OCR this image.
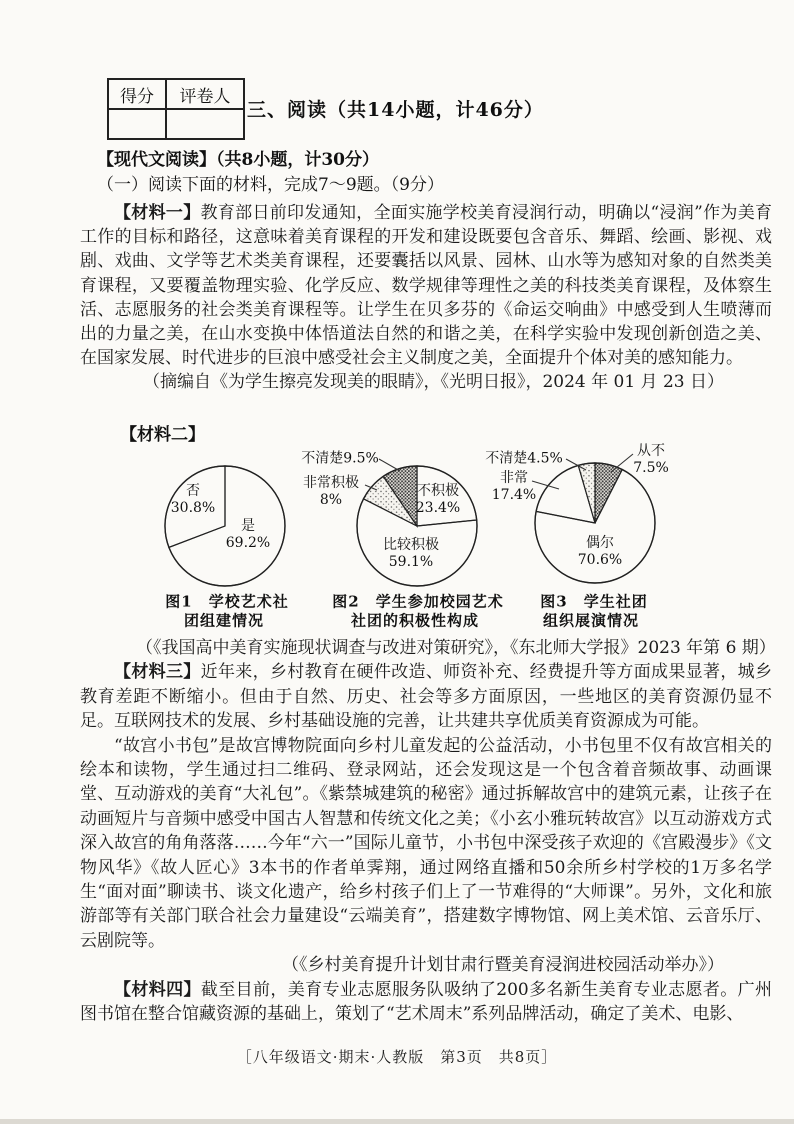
得分	评卷人

三、阅读（共14小题，计46分）
【现代文阅读】（共8小题，计30分）
（一）阅读下面的材料，完成7～9题。（9分）

【材料一】教育部日前印发通知，全面实施学校美育浸润行动，明确以“浸润”作为美育工作的目标和路径，这意味着美育课程的开发和建设既要包含音乐、舞蹈、绘画、影视、戏剧、戏曲、文学等艺术类美育课程，还要囊括以风景、园林、山水等为感知对象的自然类美育课程，又要覆盖物理实验、化学反应、数学规律等理性之美的科技类美育课程，及体察生活、志愿服务的社会类美育课程等。让学生在贝多芬的《命运交响曲》中感受到人生喷薄而出的力量之美，在山水变换中体悟道法自然的和谐之美，在科学实验中发现创新创造之美、在国家发展、时代进步的巨浪中感受社会主义制度之美，全面提升个体对美的感知能力。

（摘编自《为学生擦亮发现美的眼睛》，《光明日报》，2024 年 01 月 23 日）

【材料二】
否
30.8%
是
69.2%
图1　学校艺术社
团组建情况
不积极
23.4%
比较积极
59.1%
不清楚9.5%
非常积极
8%
图2　学生参加校园艺术
社团的积极性构成
偶尔
70.6%
不清楚4.5%	从不
7.5%
非常
17.4%
图3　学生社团
组织展演情况

（《我国高中美育实施现状调查与改进对策研究》，《东北师大学报》2023 年第 6 期）

【材料三】近年来，乡村教育在硬件改造、师资补充、经费提升等方面成果显著，城乡教育差距不断缩小。但由于自然、历史、社会等多方面原因，一些地区的美育资源仍显不足。互联网技术的发展、乡村基础设施的完善，让共建共享优质美育资源成为可能。

“故宫小书包”是故宫博物院面向乡村儿童发起的公益活动，小书包里不仅有故宫相关的绘本和读物，学生通过扫二维码、登录网站，还会发现这是一个包含着音频故事、动画课堂、互动游戏的美育“大礼包”。《紫禁城建筑的秘密》通过拆解故宫中的建筑元素，让孩子在动画短片与音频中感受中国古人智慧和传统文化之美；《小玄小雅玩转故宫》以互动游戏方式深入故宫的角角落落……今年“六一”国际儿童节，小书包中深受孩子欢迎的《宫殿漫步》《文物风华》《故人匠心》3本书的作者单霁翔，通过网络直播和50余所乡村学校的1万多名学生“面对面”聊读书、谈文化遗产，给乡村孩子们上了一节难得的“大师课”。另外，文化和旅游部等有关部门联合社会力量建设“云端美育”，搭建数字博物馆、网上美术馆、云音乐厅、云剧院等。

（《乡村美育提升计划甘肃行暨美育浸润进校园活动举办》）

【材料四】截至目前，美育专业志愿服务队吸纳了200多名新生美育专业志愿者。广州图书馆在整合馆藏资源的基础上，策划了“艺术周末”系列品牌活动，确定了美术、电影、

［八年级语文·期末·人教版　第3页　共8页］
